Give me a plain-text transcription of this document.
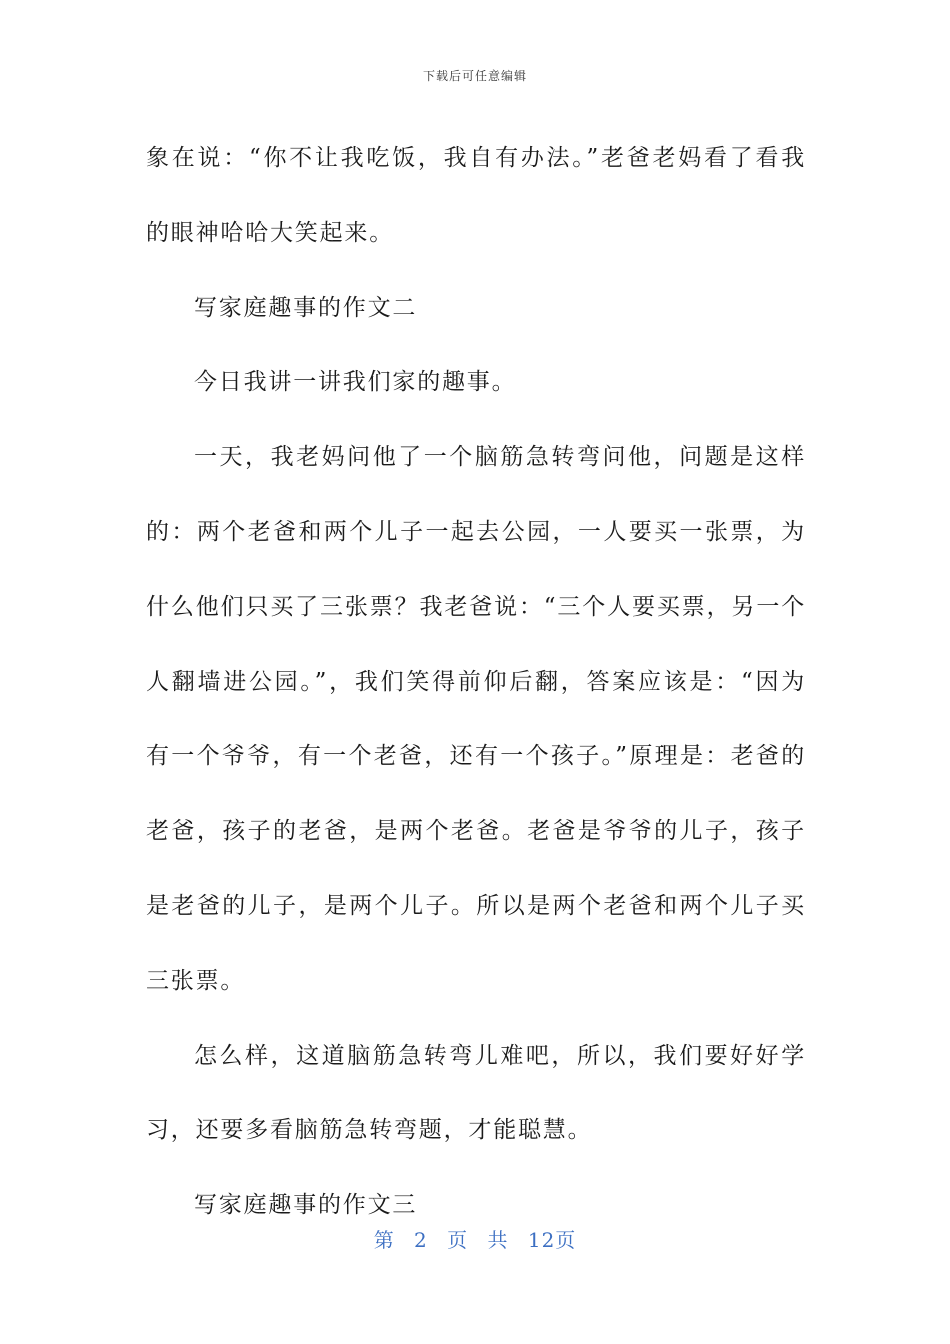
下载后可任意编辑

象在说：“你不让我吃饭，我自有办法。”老爸老妈看了看我的眼神哈哈大笑起来。

写家庭趣事的作文二

今日我讲一讲我们家的趣事。

一天，我老妈问他了一个脑筋急转弯问他，问题是这样的：两个老爸和两个儿子一起去公园，一人要买一张票，为什么他们只买了三张票？我老爸说：“三个人要买票，另一个人翻墙进公园。”，我们笑得前仰后翻，答案应该是：“因为有一个爷爷，有一个老爸，还有一个孩子。”原理是：老爸的老爸，孩子的老爸，是两个老爸。老爸是爷爷的儿子，孩子是老爸的儿子，是两个儿子。所以是两个老爸和两个儿子买三张票。

怎么样，这道脑筋急转弯儿难吧，所以，我们要好好学习，还要多看脑筋急转弯题，才能聪慧。

写家庭趣事的作文三

第 2 页 共 12页
